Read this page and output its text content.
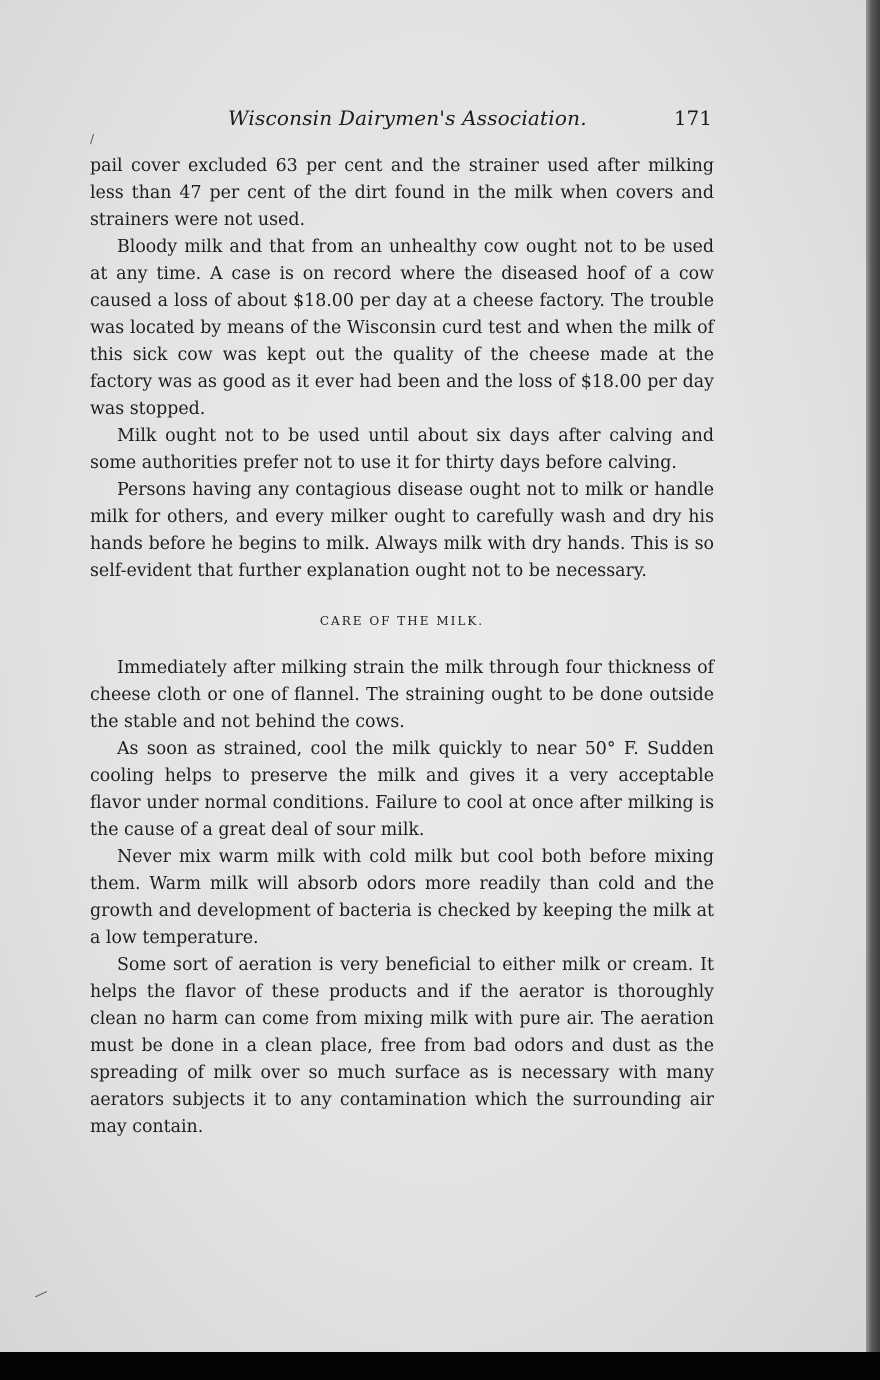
/
—
Wisconsin Dairymen's Association.	171

pail cover excluded 63 per cent and the strainer used after milking less than 47 per cent of the dirt found in the milk when covers and strainers were not used.

Bloody milk and that from an unhealthy cow ought not to be used at any time. A case is on record where the diseased hoof of a cow caused a loss of about $18.00 per day at a cheese factory. The trouble was located by means of the Wisconsin curd test and when the milk of this sick cow was kept out the quality of the cheese made at the factory was as good as it ever had been and the loss of $18.00 per day was stopped.

Milk ought not to be used until about six days after calving and some authorities prefer not to use it for thirty days before calving.

Persons having any contagious disease ought not to milk or handle milk for others, and every milker ought to carefully wash and dry his hands before he begins to milk. Always milk with dry hands. This is so self-evident that further explanation ought not to be necessary.

CARE OF THE MILK.

Immediately after milking strain the milk through four thickness of cheese cloth or one of flannel. The straining ought to be done outside the stable and not behind the cows.

As soon as strained, cool the milk quickly to near 50° F. Sudden cooling helps to preserve the milk and gives it a very acceptable flavor under normal conditions. Failure to cool at once after milking is the cause of a great deal of sour milk.

Never mix warm milk with cold milk but cool both before mixing them. Warm milk will absorb odors more readily than cold and the growth and development of bacteria is checked by keeping the milk at a low temperature.

Some sort of aeration is very beneficial to either milk or cream. It helps the flavor of these products and if the aerator is thoroughly clean no harm can come from mixing milk with pure air. The aeration must be done in a clean place, free from bad odors and dust as the spreading of milk over so much surface as is necessary with many aerators subjects it to any contamination which the surrounding air may contain.
